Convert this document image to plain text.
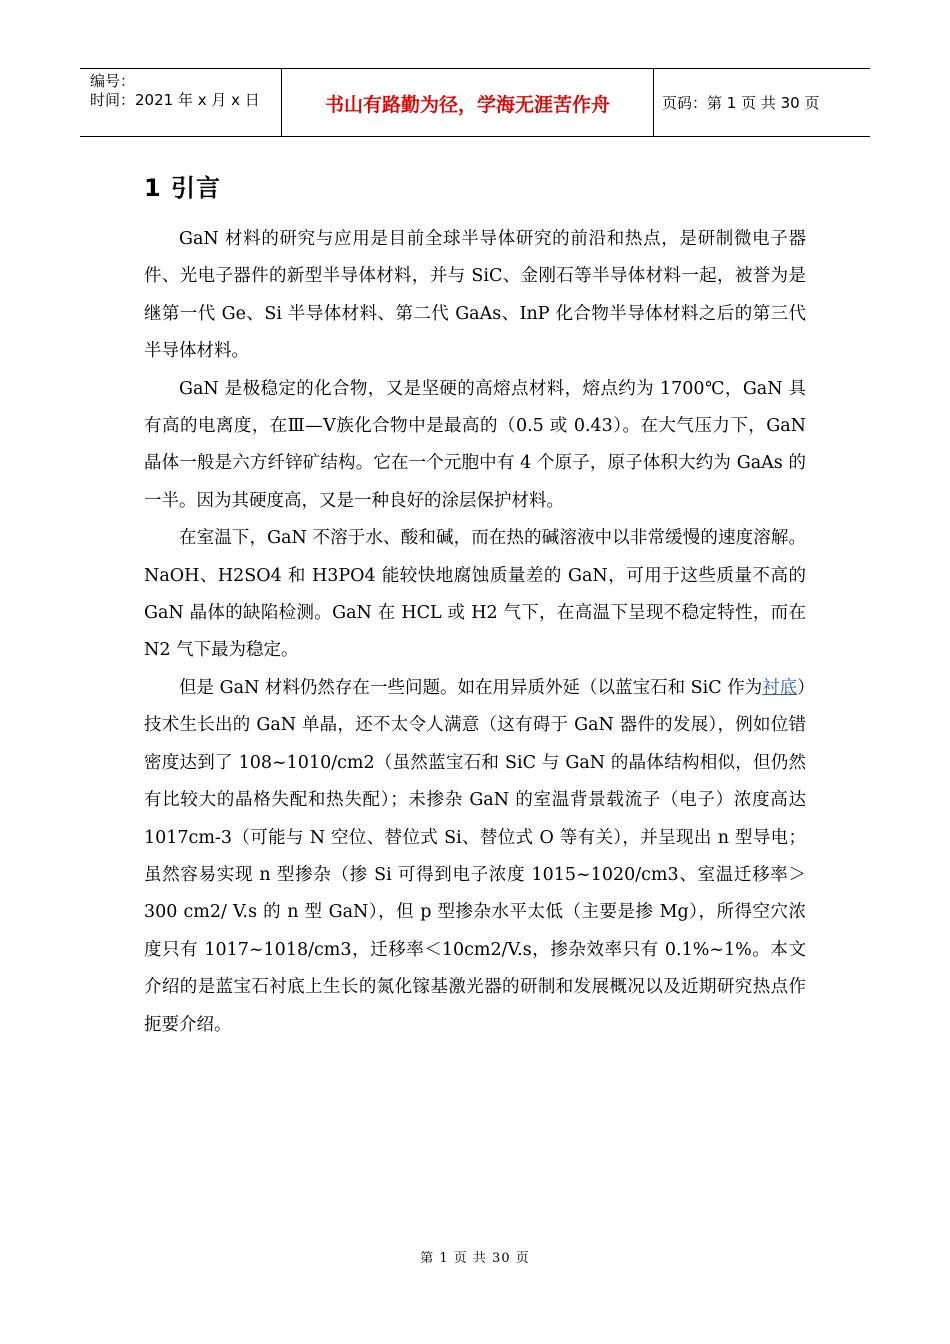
编号：
时间：2021 年 x 月 x 日	书山有路勤为径，学海无涯苦作舟	页码：第 1 页 共 30 页
1 引言

GaN 材料的研究与应用是目前全球半导体研究的前沿和热点，是研制微电子器件、光电子器件的新型半导体材料，并与 SiC、金刚石等半导体材料一起，被誉为是继第一代 Ge、Si 半导体材料、第二代 GaAs、InP 化合物半导体材料之后的第三代半导体材料。

GaN 是极稳定的化合物，又是坚硬的高熔点材料，熔点约为 1700℃，GaN 具有高的电离度，在Ⅲ—Ⅴ族化合物中是最高的（0.5 或 0.43）。在大气压力下，GaN 晶体一般是六方纤锌矿结构。它在一个元胞中有 4 个原子，原子体积大约为 GaAs 的一半。因为其硬度高，又是一种良好的涂层保护材料。

在室温下，GaN 不溶于水、酸和碱，而在热的碱溶液中以非常缓慢的速度溶解。NaOH、H2SO4 和 H3PO4 能较快地腐蚀质量差的 GaN，可用于这些质量不高的 GaN 晶体的缺陷检测。GaN 在 HCL 或 H2 气下，在高温下呈现不稳定特性，而在 N2 气下最为稳定。

但是 GaN 材料仍然存在一些问题。如在用异质外延（以蓝宝石和 SiC 作为衬底）技术生长出的 GaN 单晶，还不太令人满意（这有碍于 GaN 器件的发展），例如位错密度达到了 108~1010/cm2（虽然蓝宝石和 SiC 与 GaN 的晶体结构相似，但仍然有比较大的晶格失配和热失配）；未掺杂 GaN 的室温背景载流子（电子）浓度高达 1017cm-3（可能与 N 空位、替位式 Si、替位式 O 等有关），并呈现出 n 型导电；虽然容易实现 n 型掺杂（掺 Si 可得到电子浓度 1015~1020/cm3、室温迁移率＞300 cm2/ V.s 的 n 型 GaN），但 p 型掺杂水平太低（主要是掺 Mg），所得空穴浓度只有 1017~1018/cm3，迁移率＜10cm2/V.s，掺杂效率只有 0.1%~1%。本文介绍的是蓝宝石衬底上生长的氮化镓基激光器的研制和发展概况以及近期研究热点作扼要介绍。

第 1 页 共 30 页
